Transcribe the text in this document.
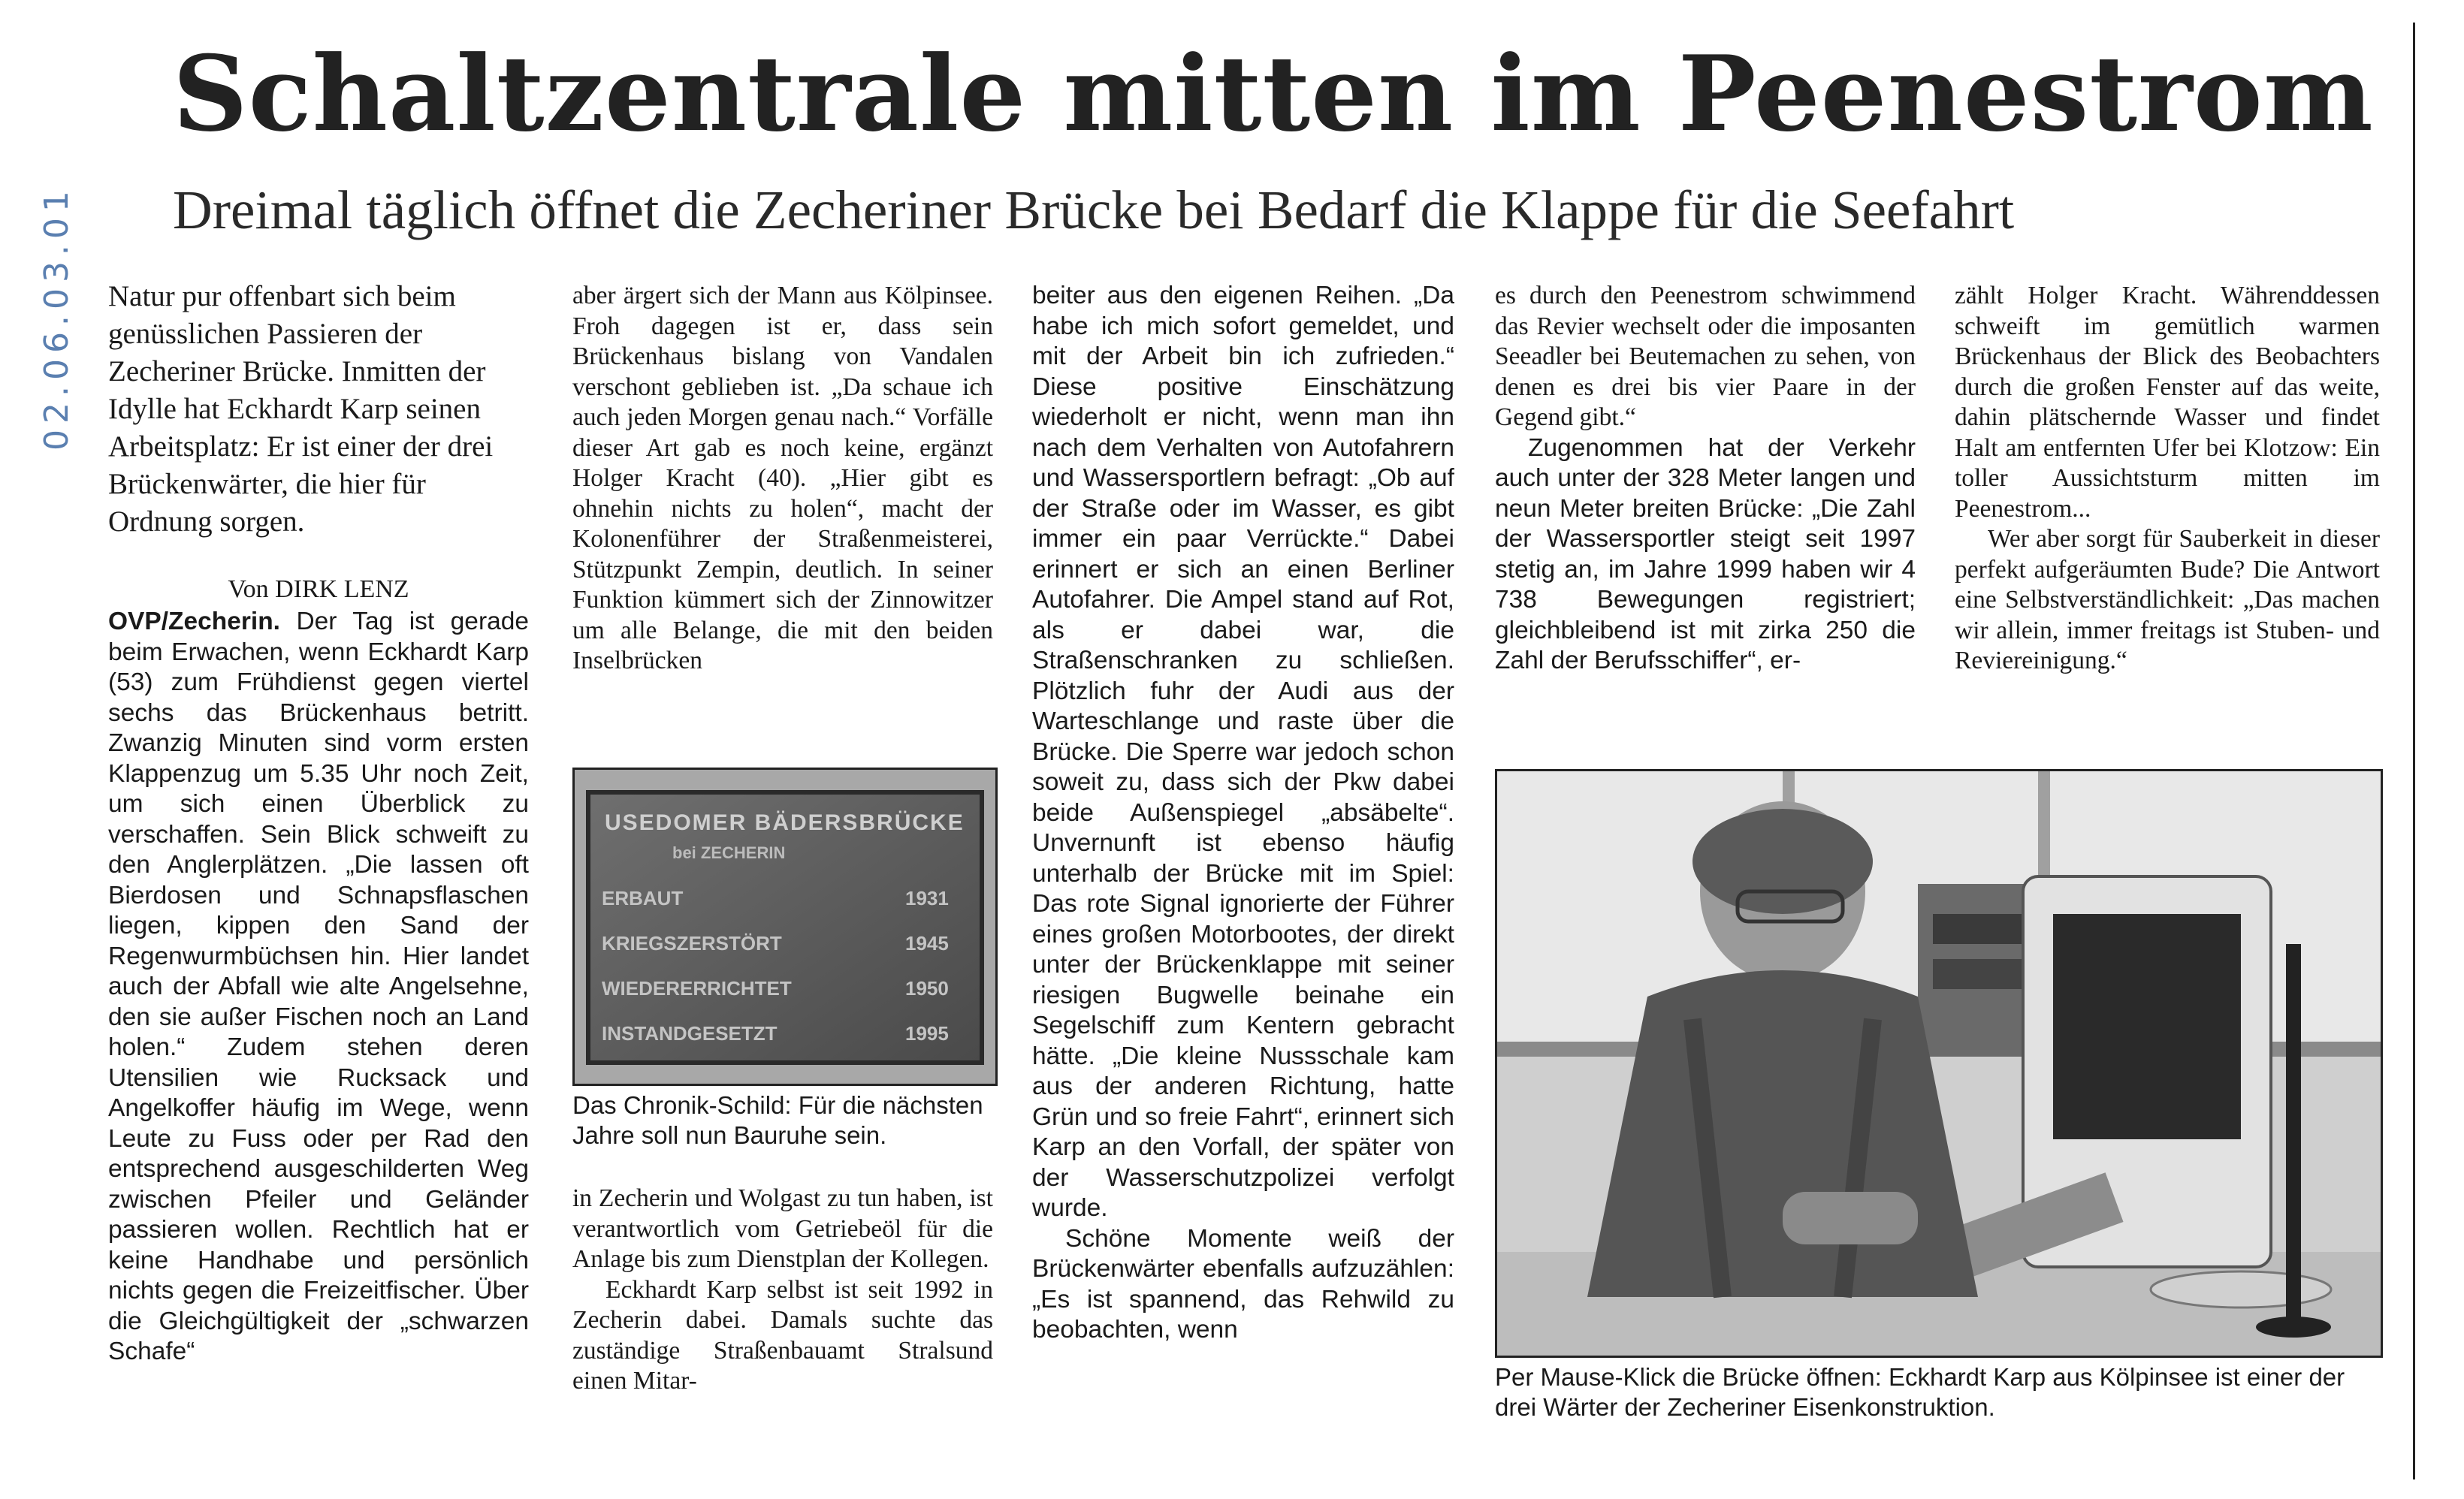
02.06.03.01
Schaltzentrale mitten im Peenestrom
Dreimal täglich öffnet die Zecheriner Brücke bei Bedarf die Klappe für die Seefahrt
Natur pur offenbart sich beim genüsslichen Passieren der Zecheriner Brücke. Inmitten der Idylle hat Eckhardt Karp seinen Arbeitsplatz: Er ist einer der drei Brückenwärter, die hier für Ordnung sorgen.
Von DIRK LENZ

OVP/Zecherin. Der Tag ist gerade beim Erwachen, wenn Eckhardt Karp (53) zum Frühdienst gegen viertel sechs das Brückenhaus betritt. Zwanzig Minuten sind vorm ersten Klappenzug um 5.35 Uhr noch Zeit, um sich einen Überblick zu verschaffen. Sein Blick schweift zu den Anglerplätzen. „Die lassen oft Bierdosen und Schnapsflaschen liegen, kippen den Sand der Regenwurmbüchsen hin. Hier landet auch der Abfall wie alte Angelsehne, den sie außer Fischen noch an Land holen.“ Zudem stehen deren Utensilien wie Rucksack und Angelkoffer häufig im Wege, wenn Leute zu Fuss oder per Rad den entsprechend ausgeschilderten Weg zwischen Pfeiler und Geländer passieren wollen. Rechtlich hat er keine Handhabe und persönlich nichts gegen die Freizeitfischer. Über die Gleichgültigkeit der „schwarzen Schafe“

aber ärgert sich der Mann aus Kölpinsee. Froh dagegen ist er, dass sein Brückenhaus bislang von Vandalen verschont geblieben ist. „Da schaue ich auch jeden Morgen genau nach.“ Vorfälle dieser Art gab es noch keine, ergänzt Holger Kracht (40). „Hier gibt es ohnehin nichts zu holen“, macht der Kolonenführer der Straßenmeisterei, Stützpunkt Zempin, deutlich. In seiner Funktion kümmert sich der Zinnowitzer um alle Belange, die mit den beiden Inselbrücken

USEDOMER BÄDERSBRÜCKE
bei ZECHERIN
ERBAUT	1931
KRIEGSZERSTÖRT	1945
WIEDERERRICHTET	1950
INSTANDGESETZT	1995
Das Chronik-Schild: Für die nächsten Jahre soll nun Bauruhe sein.

in Zecherin und Wolgast zu tun haben, ist verantwortlich vom Getriebeöl für die Anlage bis zum Dienstplan der Kollegen.

Eckhardt Karp selbst ist seit 1992 in Zecherin dabei. Damals suchte das zuständige Straßenbauamt Stralsund einen Mitar-

beiter aus den eigenen Reihen. „Da habe ich mich sofort gemeldet, und mit der Arbeit bin ich zufrieden.“ Diese positive Einschätzung wiederholt er nicht, wenn man ihn nach dem Verhalten von Autofahrern und Wassersportlern befragt: „Ob auf der Straße oder im Wasser, es gibt immer ein paar Verrückte.“ Dabei erinnert er sich an einen Berliner Autofahrer. Die Ampel stand auf Rot, als er dabei war, die Straßenschranken zu schließen. Plötzlich fuhr der Audi aus der Warteschlange und raste über die Brücke. Die Sperre war jedoch schon soweit zu, dass sich der Pkw dabei beide Außenspiegel „absäbelte“. Unvernunft ist ebenso häufig unterhalb der Brücke mit im Spiel: Das rote Signal ignorierte der Führer eines großen Motorbootes, der direkt unter der Brückenklappe mit seiner riesigen Bugwelle beinahe ein Segelschiff zum Kentern gebracht hätte. „Die kleine Nussschale kam aus der anderen Richtung, hatte Grün und so freie Fahrt“, erinnert sich Karp an den Vorfall, der später von der Wasserschutzpolizei verfolgt wurde.

Schöne Momente weiß der Brückenwärter ebenfalls aufzuzählen: „Es ist spannend, das Rehwild zu beobachten, wenn

es durch den Peenestrom schwimmend das Revier wechselt oder die imposanten Seeadler bei Beutemachen zu sehen, von denen es drei bis vier Paare in der Gegend gibt.“

Zugenommen hat der Verkehr auch unter der 328 Meter langen und neun Meter breiten Brücke: „Die Zahl der Wassersportler steigt seit 1997 stetig an, im Jahre 1999 haben wir 4 738 Bewegungen registriert; gleichbleibend ist mit zirka 250 die Zahl der Berufsschiffer“, er-

zählt Holger Kracht. Währenddessen schweift im gemütlich warmen Brückenhaus der Blick des Beobachters durch die großen Fenster auf das weite, dahin plätschernde Wasser und findet Halt am entfernten Ufer bei Klotzow: Ein toller Aussichtsturm mitten im Peenestrom...

Wer aber sorgt für Sauberkeit in dieser perfekt aufgeräumten Bude? Die Antwort eine Selbstverständlichkeit: „Das machen wir allein, immer freitags ist Stuben- und Reviereinigung.“

Per Mause-Klick die Brücke öffnen: Eckhardt Karp aus Kölpinsee ist einer der drei Wärter der Zecheriner Eisenkonstruktion.
